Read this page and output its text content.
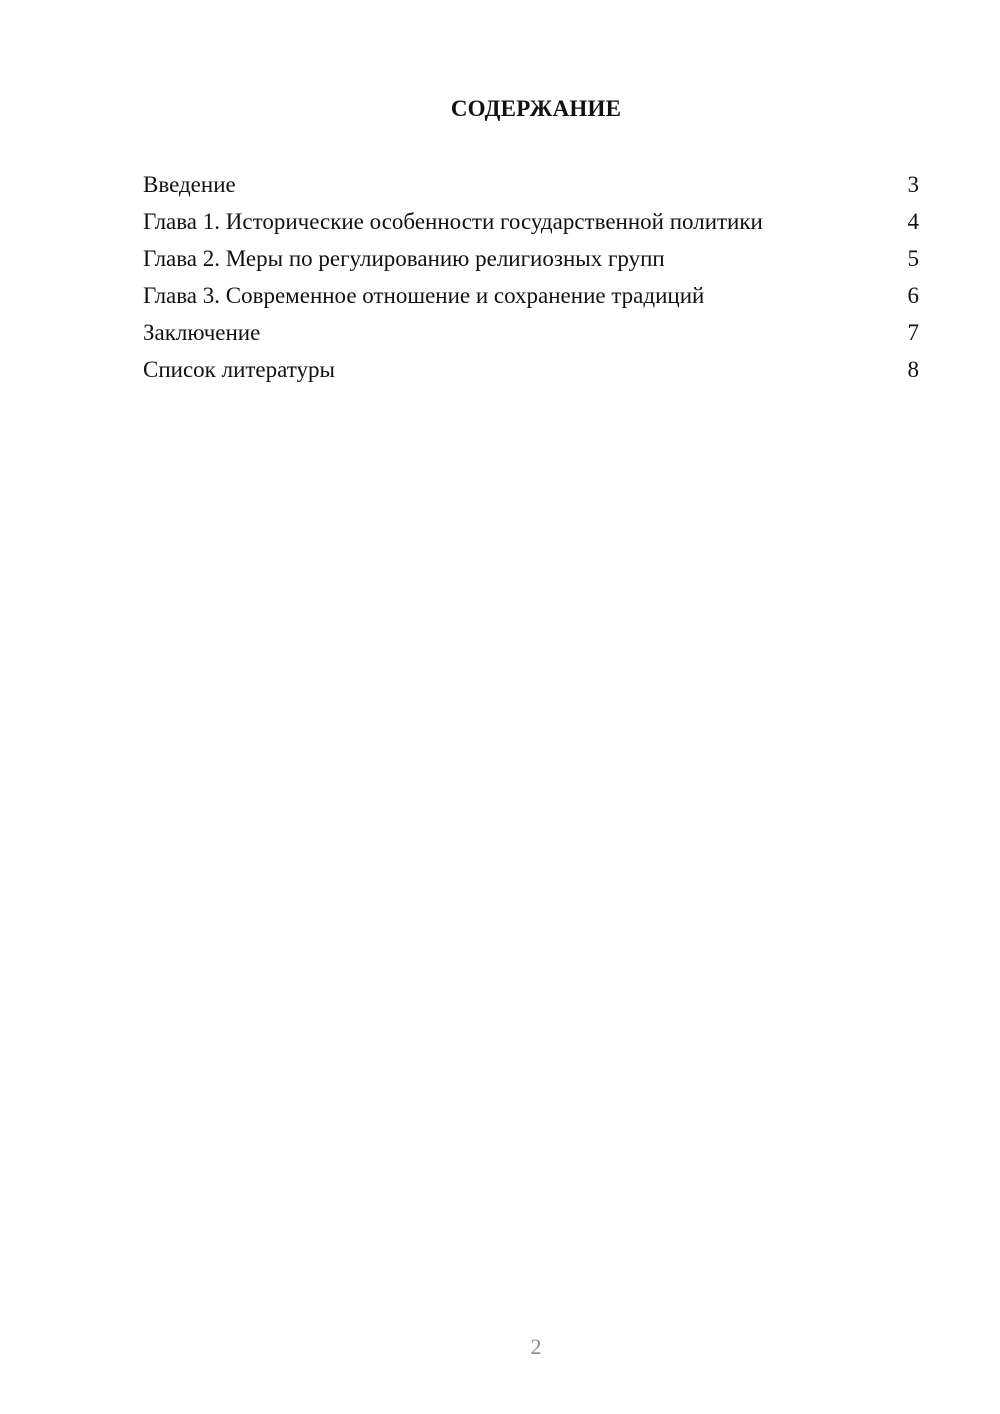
СОДЕРЖАНИЕ
Введение	3
Глава 1. Исторические особенности государственной политики	4
Глава 2. Меры по регулированию религиозных групп	5
Глава 3. Современное отношение и сохранение традиций	6
Заключение	7
Список литературы	8
2
